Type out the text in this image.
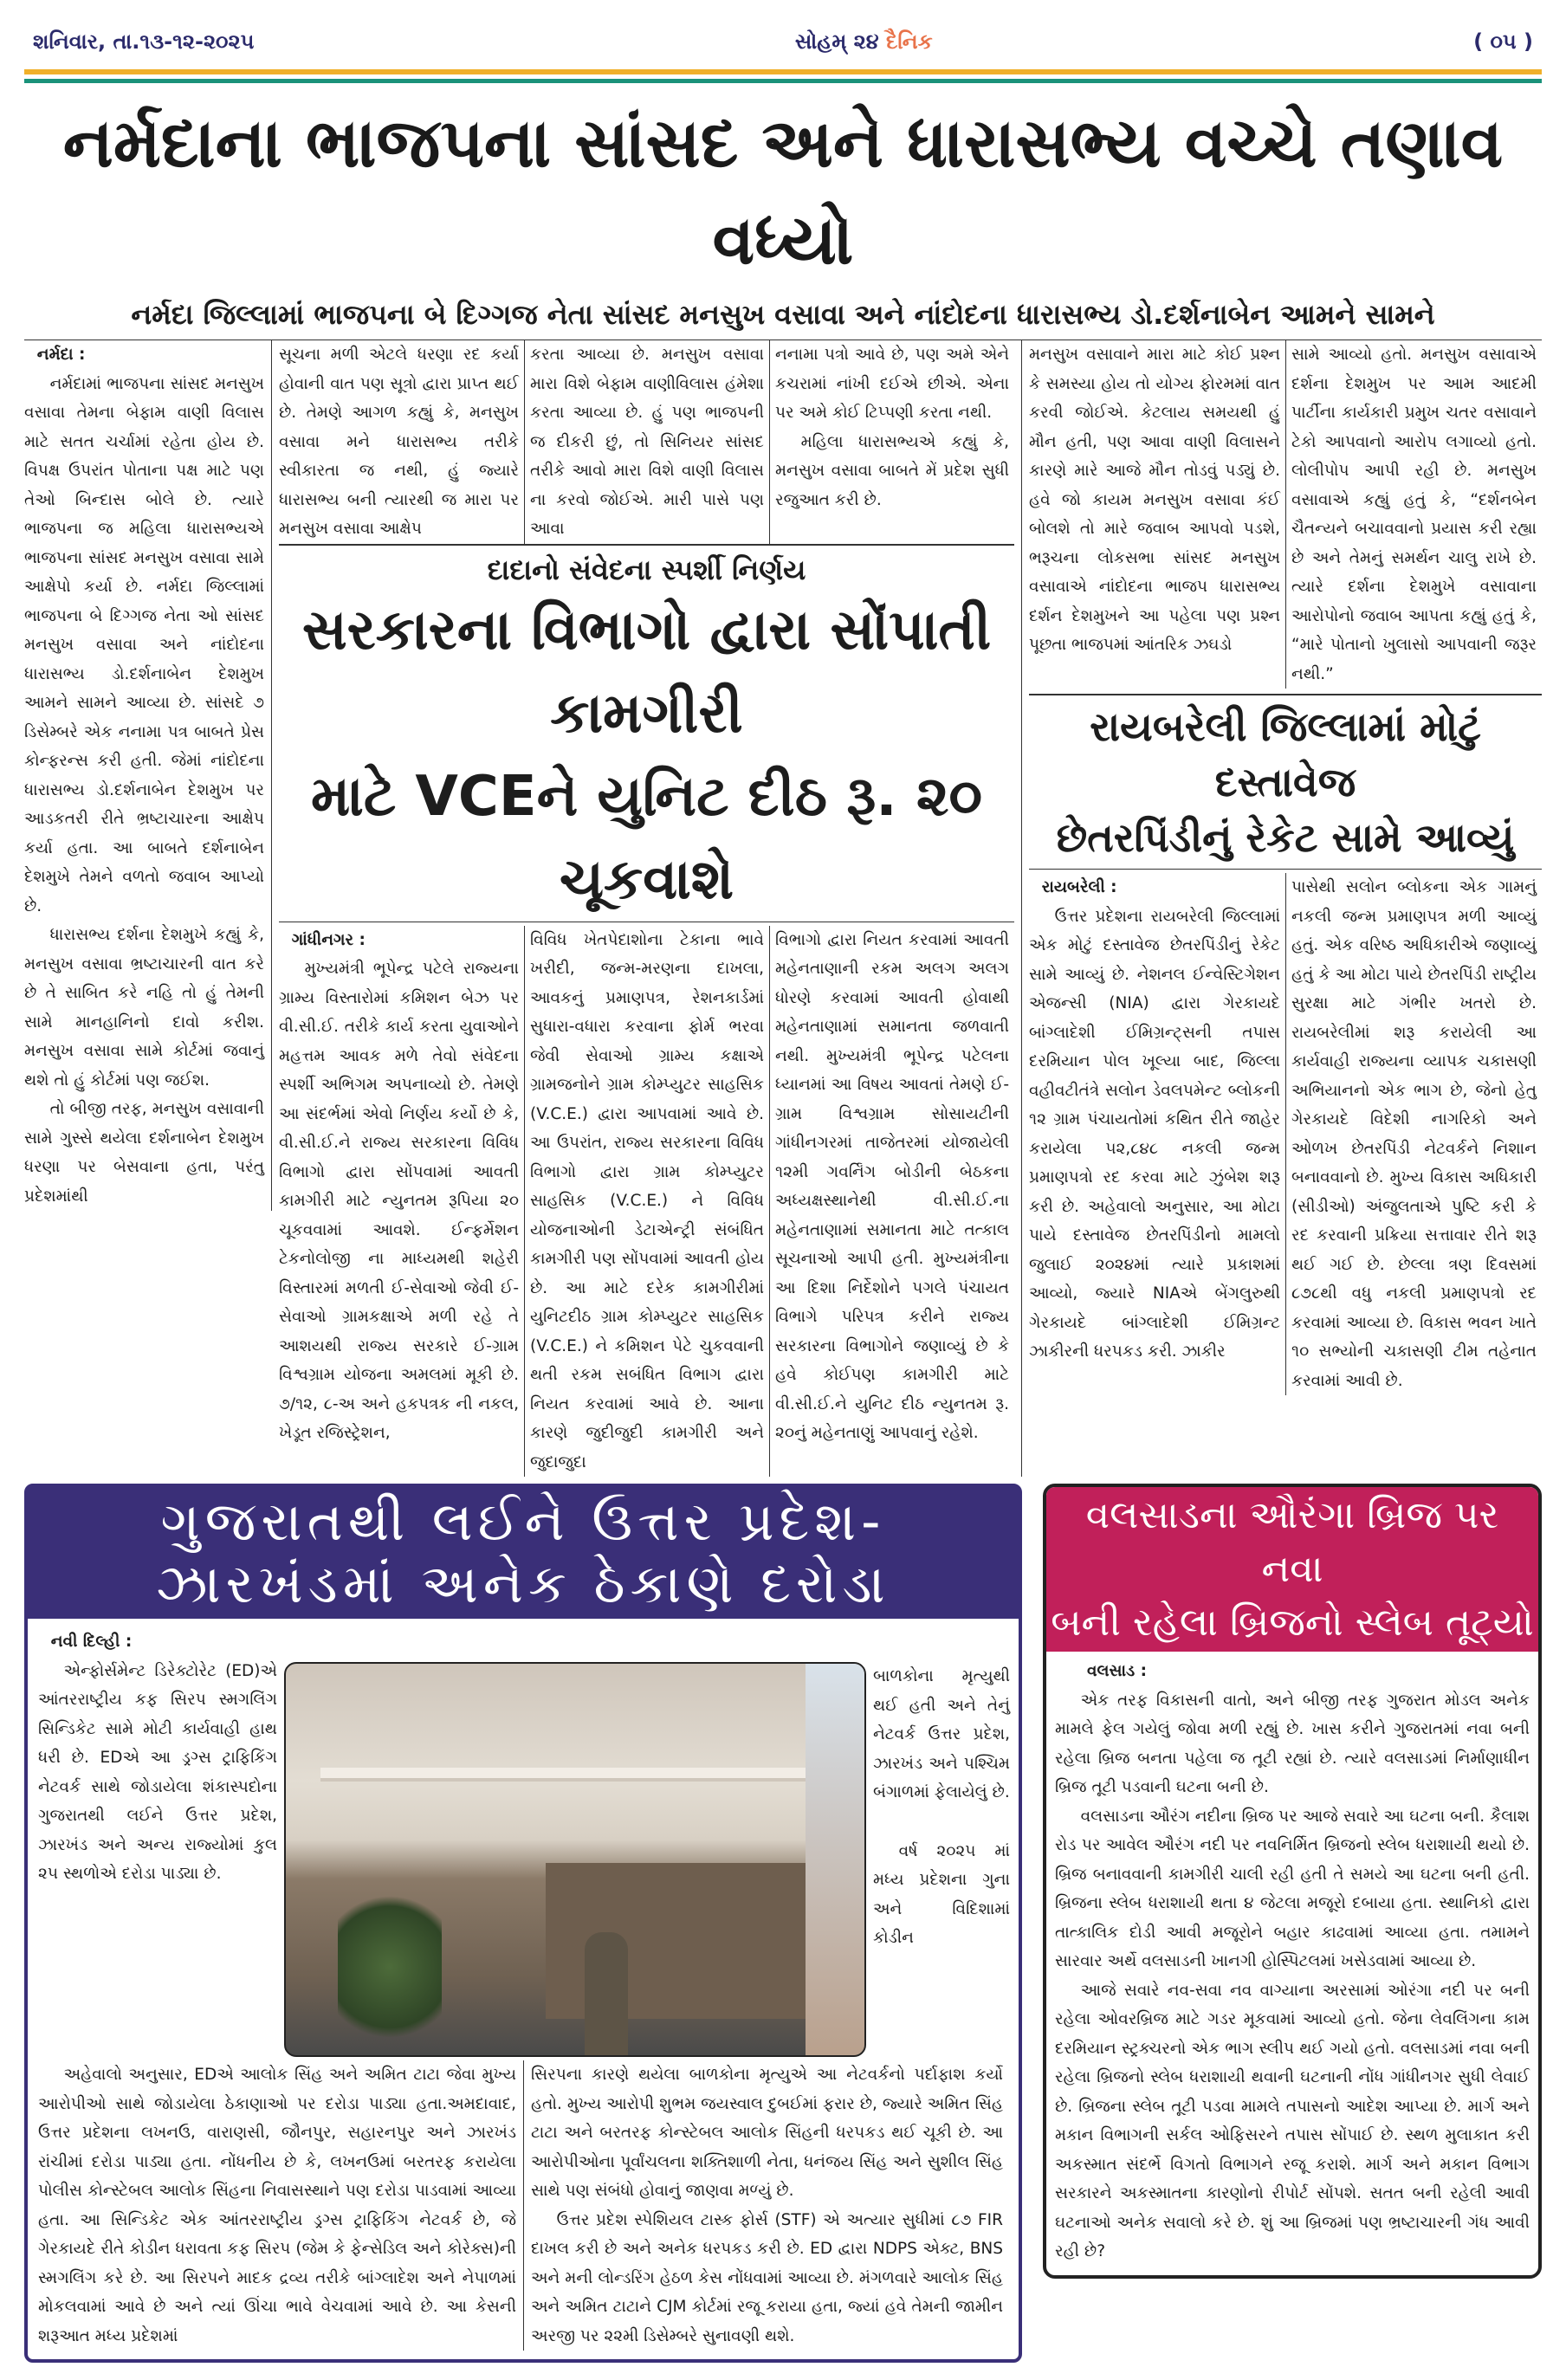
શનિવાર, તા.૧૩-૧૨-૨૦૨૫	સોહમ્ ૨૪ દૈનિક	( ૦૫ )
નર્મદાના ભાજપના સાંસદ અને ધારાસભ્ય વચ્ચે તણાવ વધ્યો
નર્મદા જિલ્લામાં ભાજપના બે દિગ્ગજ નેતા સાંસદ મનસુખ વસાવા અને નાંદોદના ધારાસભ્ય ડો.દર્શનાબેન આમને સામને

નર્મદા :

નર્મદામાં ભાજપના સાંસદ મનસુખ વસાવા તેમના બેફામ વાણી વિલાસ માટે સતત ચર્ચામાં રહેતા હોય છે. વિપક્ષ ઉપરાંત પોતાના પક્ષ માટે પણ તેઓ બિન્દાસ બોલે છે. ત્યારે ભાજપના જ મહિલા ધારાસભ્યએ ભાજપના સાંસદ મનસુખ વસાવા સામે આક્ષેપો કર્યા છે. નર્મદા જિલ્લામાં ભાજપના બે દિગ્ગજ નેતા ઓ સાંસદ મનસુખ વસાવા અને નાંદોદના ધારાસભ્ય ડો.દર્શનાબેન દેશમુખ આમને સામને આવ્યા છે. સાંસદે ૭ ડિસેમ્બરે એક નનામા પત્ર બાબતે પ્રેસ કોન્ફરન્સ કરી હતી. જેમાં નાંદોદના ધારાસભ્ય ડો.દર્શનાબેન દેશમુખ પર આડકતરી રીતે ભ્રષ્ટાચારના આક્ષેપ કર્યા હતા. આ બાબતે દર્શનાબેન દેશમુખે તેમને વળતો જવાબ આપ્યો છે.

ધારાસભ્ય દર્શના દેશમુખે કહ્યું કે, મનસુખ વસાવા ભ્રષ્ટાચારની વાત કરે છે તે સાબિત કરે નહિ તો હું તેમની સામે માનહાનિનો દાવો કરીશ. મનસુખ વસાવા સામે કોર્ટમાં જવાનું થશે તો હું કોર્ટમાં પણ જઈશ.

તો બીજી તરફ, મનસુખ વસાવાની સામે ગુસ્સે થયેલા દર્શનાબેન દેશમુખ ધરણા પર બેસવાના હતા, પરંતુ પ્રદેશમાંથી

સૂચના મળી એટલે ધરણા રદ કર્યા હોવાની વાત પણ સૂત્રો દ્વારા પ્રાપ્ત થઈ છે. તેમણે આગળ કહ્યું કે, મનસુખ વસાવા મને ધારાસભ્ય તરીકે સ્વીકારતા જ નથી, હું જ્યારે ધારાસભ્ય બની ત્યારથી જ મારા પર મનસુખ વસાવા આક્ષેપ

કરતા આવ્યા છે. મનસુખ વસાવા મારા વિશે બેફામ વાણીવિલાસ હંમેશા કરતા આવ્યા છે. હું પણ ભાજપની જ દીકરી છું, તો સિનિયર સાંસદ તરીકે આવો મારા વિશે વાણી વિલાસ ના કરવો જોઈએ. મારી પાસે પણ આવા

નનામા પત્રો આવે છે, પણ અમે એને કચરામાં નાંખી દઈએ છીએ. એના પર અમે કોઈ ટિપ્પણી કરતા નથી.

મહિલા ધારાસભ્યએ કહ્યું કે, મનસુખ વસાવા બાબતે મેં પ્રદેશ સુધી રજુઆત કરી છે.

દાદાનો સંવેદના સ્પર્શી નિર્ણય
સરકારના વિભાગો દ્વારા સોંપાતી કામગીરી
માટે VCEને યુનિટ દીઠ રૂ. ૨૦ ચૂકવાશે

ગાંધીનગર :

મુખ્યમંત્રી ભૂપેન્દ્ર પટેલે રાજ્યના ગ્રામ્ય વિસ્તારોમાં કમિશન બેઝ પર વી.સી.ઈ. તરીકે કાર્ય કરતા યુવાઓને મહત્તમ આવક મળે તેવો સંવેદના સ્પર્શી અભિગમ અપનાવ્યો છે. તેમણે આ સંદર્ભમાં એવો નિર્ણય કર્યો છે કે, વી.સી.ઈ.ને રાજ્ય સરકારના વિવિધ વિભાગો દ્વારા સોંપવામાં આવતી કામગીરી માટે ન્યુનતમ રૂપિયા ૨૦ ચૂકવવામાં આવશે. ઈન્ફર્મેશન ટેકનોલોજી ના માધ્યમથી શહેરી વિસ્તારમાં મળતી ઈ-સેવાઓ જેવી ઈ-સેવાઓ ગ્રામકક્ષાએ મળી રહે તે આશયથી રાજ્ય સરકારે ઈ-ગ્રામ વિશ્વગ્રામ યોજના અમલમાં મૂકી છે. ૭/૧૨, ૮-અ અને હકપત્રક ની નકલ, ખેડૂત રજિસ્ટ્રેશન,

વિવિધ ખેતપેદાશોના ટેકાના ભાવે ખરીદી, જન્મ-મરણના દાખલા, આવકનું પ્રમાણપત્ર, રેશનકાર્ડમાં સુધારા-વધારા કરવાના ફોર્મ ભરવા જેવી સેવાઓ ગ્રામ્ય કક્ષાએ ગ્રામજનોને ગ્રામ કોમ્પ્યુટર સાહસિક (V.C.E.) દ્વારા આપવામાં આવે છે. આ ઉપરાંત, રાજ્ય સરકારના વિવિધ વિભાગો દ્વારા ગ્રામ કોમ્પ્યુટર સાહસિક (V.C.E.) ને વિવિધ યોજનાઓની ડેટાએન્ટ્રી સંબંધિત કામગીરી પણ સોંપવામાં આવતી હોય છે. આ માટે દરેક કામગીરીમાં યુનિટદીઠ ગ્રામ કોમ્પ્યુટર સાહસિક (V.C.E.) ને કમિશન પેટે ચુકવવાની થતી રકમ સબંધિત વિભાગ દ્વારા નિયત કરવામાં આવે છે. આના કારણે જુદીજુદી કામગીરી અને જુદાજુદા

વિભાગો દ્વારા નિયત કરવામાં આવતી મહેનતાણાની રકમ અલગ અલગ ધોરણે કરવામાં આવતી હોવાથી મહેનતાણામાં સમાનતા જળવાતી નથી. મુખ્યમંત્રી ભૂપેન્દ્ર પટેલના ધ્યાનમાં આ વિષય આવતાં તેમણે ઈ-ગ્રામ વિશ્વગ્રામ સોસાયટીની ગાંધીનગરમાં તાજેતરમાં યોજાયેલી ૧૨મી ગવર્નિંગ બોડીની બેઠકના અધ્યક્ષસ્થાનેથી વી.સી.ઈ.ના મહેનતાણામાં સમાનતા માટે તત્કાલ સૂચનાઓ આપી હતી. મુખ્યમંત્રીના આ દિશા નિર્દેશોને પગલે પંચાયત વિભાગે પરિપત્ર કરીને રાજ્ય સરકારના વિભાગોને જણાવ્યું છે કે હવે કોઈપણ કામગીરી માટે વી.સી.ઈ.ને યુનિટ દીઠ ન્યુનતમ રૂ. ૨૦નું મહેનતાણું આપવાનું રહેશે.

મનસુખ વસાવાને મારા માટે કોઈ પ્રશ્ન કે સમસ્યા હોય તો યોગ્ય ફોરમમાં વાત કરવી જોઈએ. કેટલાય સમયથી હું મૌન હતી, પણ આવા વાણી વિલાસને કારણે મારે આજે મૌન તોડવું પડ્યું છે. હવે જો કાયમ મનસુખ વસાવા કંઈ બોલશે તો મારે જવાબ આપવો પડશે, ભરૂચના લોકસભા સાંસદ મનસુખ વસાવાએ નાંદોદના ભાજપ ધારાસભ્ય દર્શન દેશમુખને આ પહેલા પણ પ્રશ્ન પૂછતા ભાજપમાં આંતરિક ઝઘડો

સામે આવ્યો હતો. મનસુખ વસાવાએ દર્શના દેશમુખ પર આમ આદમી પાર્ટીના કાર્યકારી પ્રમુખ ચતર વસાવાને ટેકો આપવાનો આરોપ લગાવ્યો હતો. લોલીપોપ આપી રહી છે. મનસુખ વસાવાએ કહ્યું હતું કે, “દર્શનબેન ચૈતન્યને બચાવવાનો પ્રયાસ કરી રહ્યા છે અને તેમનું સમર્થન ચાલુ રાખે છે. ત્યારે દર્શના દેશમુખે વસાવાના આરોપોનો જવાબ આપતા કહ્યું હતું કે, “મારે પોતાનો ખુલાસો આપવાની જરૂર નથી.”

રાયબરેલી જિલ્લામાં મોટું દસ્તાવેજ
છેતરપિંડીનું રેકેટ સામે આવ્યું

રાયબરેલી :

ઉત્તર પ્રદેશના રાયબરેલી જિલ્લામાં એક મોટું દસ્તાવેજ છેતરપિંડીનું રેકેટ સામે આવ્યું છે. નેશનલ ઈન્વેસ્ટિગેશન એજન્સી (NIA) દ્વારા ગેરકાયદે બાંગ્લાદેશી ઈમિગ્રન્ટ્સની તપાસ દરમિયાન પોલ ખૂલ્યા બાદ, જિલ્લા વહીવટીતંત્રે સલોન ડેવલપમેન્ટ બ્લોકની ૧૨ ગ્રામ પંચાયતોમાં કથિત રીતે જાહેર કરાયેલા ૫૨,૮૪૮ નકલી જન્મ પ્રમાણપત્રો રદ કરવા માટે ઝુંબેશ શરૂ કરી છે. અહેવાલો અનુસાર, આ મોટા પાયે દસ્તાવેજ છેતરપિંડીનો મામલો જુલાઈ ૨૦૨૪માં ત્યારે પ્રકાશમાં આવ્યો, જ્યારે NIAએ બેંગલુરુથી ગેરકાયદે બાંગ્લાદેશી ઈમિગ્રન્ટ ઝાકીરની ધરપકડ કરી. ઝાકીર

પાસેથી સલોન બ્લોકના એક ગામનું નકલી જન્મ પ્રમાણપત્ર મળી આવ્યું હતું. એક વરિષ્ઠ અધિકારીએ જણાવ્યું હતું કે આ મોટા પાયે છેતરપિંડી રાષ્ટ્રીય સુરક્ષા માટે ગંભીર ખતરો છે. રાયબરેલીમાં શરૂ કરાયેલી આ કાર્યવાહી રાજ્યના વ્યાપક ચકાસણી અભિયાનનો એક ભાગ છે, જેનો હેતુ ગેરકાયદે વિદેશી નાગરિકો અને ઓળખ છેતરપિંડી નેટવર્કને નિશાન બનાવવાનો છે. મુખ્ય વિકાસ અધિકારી (સીડીઓ) અંજુલતાએ પુષ્ટિ કરી કે રદ કરવાની પ્રક્રિયા સત્તાવાર રીતે શરૂ થઈ ગઈ છે. છેલ્લા ત્રણ દિવસમાં ૮૭૮થી વધુ નકલી પ્રમાણપત્રો રદ કરવામાં આવ્યા છે. વિકાસ ભવન ખાતે ૧૦ સભ્યોની ચકાસણી ટીમ તહેનાત કરવામાં આવી છે.

ગુજરાતથી લઈને ઉત્તર પ્રદેશ-
ઝારખંડમાં અનેક ઠેકાણે દરોડા

નવી દિલ્હી :

એન્ફોર્સમેન્ટ ડિરેક્ટોરેટ (ED)એ આંતરરાષ્ટ્રીય કફ સિરપ સ્મગલિંગ સિન્ડિકેટ સામે મોટી કાર્યવાહી હાથ ધરી છે. EDએ આ ડ્રગ્સ ટ્રાફિકિંગ નેટવર્ક સાથે જોડાયેલા શંકાસ્પદોના ગુજરાતથી લઈને ઉત્તર પ્રદેશ, ઝારખંડ અને અન્ય રાજ્યોમાં કુલ ૨૫ સ્થળોએ દરોડા પાડ્યા છે.

બાળકોના મૃત્યુથી થઈ હતી અને તેનું નેટવર્ક ઉત્તર પ્રદેશ, ઝારખંડ અને પશ્ચિમ બંગાળમાં ફેલાયેલું છે.

વર્ષ ૨૦૨૫ માં મધ્ય પ્રદેશના ગુના અને વિદિશામાં કોડીન

અહેવાલો અનુસાર, EDએ આલોક સિંહ અને અમિત ટાટા જેવા મુખ્ય આરોપીઓ સાથે જોડાયેલા ઠેકાણાઓ પર દરોડા પાડ્યા હતા.અમદાવાદ, ઉત્તર પ્રદેશના લખનઉ, વારાણસી, જૌનપુર, સહારનપુર અને ઝારખંડ રાંચીમાં દરોડા પાડ્યા હતા. નોંધનીય છે કે, લખનઉમાં બરતરફ કરાયેલા પોલીસ કોન્સ્ટેબલ આલોક સિંહના નિવાસસ્થાને પણ દરોડા પાડવામાં આવ્યા હતા. આ સિન્ડિકેટ એક આંતરરાષ્ટ્રીય ડ્રગ્સ ટ્રાફિકિંગ નેટવર્ક છે, જે ગેરકાયદે રીતે કોડીન ધરાવતા કફ સિરપ (જેમ કે ફેન્સેડિલ અને કોરેક્સ)ની સ્મગલિંગ કરે છે. આ સિરપને માદક દ્રવ્ય તરીકે બાંગ્લાદેશ અને નેપાળમાં મોકલવામાં આવે છે અને ત્યાં ઊંચા ભાવે વેચવામાં આવે છે. આ કેસની શરૂઆત મધ્ય પ્રદેશમાં

સિરપના કારણે થયેલા બાળકોના મૃત્યુએ આ નેટવર્કનો પર્દાફાશ કર્યો હતો. મુખ્ય આરોપી શુભમ જયસ્વાલ દુબઈમાં ફરાર છે, જ્યારે અમિત સિંહ ટાટા અને બરતરફ કોન્સ્ટેબલ આલોક સિંહની ધરપકડ થઈ ચૂકી છે. આ આરોપીઓના પૂર્વાંચલના શક્તિશાળી નેતા, ધનંજય સિંહ અને સુશીલ સિંહ સાથે પણ સંબંધો હોવાનું જાણવા મળ્યું છે.

ઉત્તર પ્રદેશ સ્પેશિયલ ટાસ્ક ફોર્સ (STF) એ અત્યાર સુધીમાં ૮૭ FIR દાખલ કરી છે અને અનેક ધરપકડ કરી છે. ED દ્વારા NDPS એક્ટ, BNS અને મની લોન્ડરિંગ હેઠળ કેસ નોંધવામાં આવ્યા છે. મંગળવારે આલોક સિંહ અને અમિત ટાટાને CJM કોર્ટમાં રજૂ કરાયા હતા, જ્યાં હવે તેમની જામીન અરજી પર ૨૨મી ડિસેમ્બરે સુનાવણી થશે.

વલસાડના ઔરંગા બ્રિજ પર નવા
બની રહેલા બ્રિજનો સ્લેબ તૂટ્યો

વલસાડ :

એક તરફ વિકાસની વાતો, અને બીજી તરફ ગુજરાત મોડલ અનેક મામલે ફેલ ગયેલું જોવા મળી રહ્યું છે. ખાસ કરીને ગુજરાતમાં નવા બની રહેલા બ્રિજ બનતા પહેલા જ તૂટી રહ્યાં છે. ત્યારે વલસાડમાં નિર્માણાધીન બ્રિજ તૂટી પડવાની ઘટના બની છે.

વલસાડના ઔરંગ નદીના બ્રિજ પર આજે સવારે આ ઘટના બની. કૈલાશ રોડ પર આવેલ ઔરંગ નદી પર નવનિર્મિત બ્રિજનો સ્લેબ ધરાશાયી થયો છે. બ્રિજ બનાવવાની કામગીરી ચાલી રહી હતી તે સમયે આ ઘટના બની હતી. બ્રિજના સ્લેબ ધરાશાયી થતા ૪ જેટલા મજૂરો દબાયા હતા. સ્થાનિકો દ્વારા તાત્કાલિક દોડી આવી મજૂરોને બહાર કાઢવામાં આવ્યા હતા. તમામને સારવાર અર્થે વલસાડની ખાનગી હોસ્પિટલમાં ખસેડવામાં આવ્યા છે.

આજે સવારે નવ-સવા નવ વાગ્યાના અરસામાં ઓરંગા નદી પર બની રહેલા ઓવરબ્રિજ માટે ગડર મૂકવામાં આવ્યો હતો. જેના લેવલિંગના કામ દરમિયાન સ્ટ્રક્ચરનો એક ભાગ સ્લીપ થઈ ગયો હતો. વલસાડમાં નવા બની રહેલા બ્રિજનો સ્લેબ ધરાશાયી થવાની ઘટનાની નોંધ ગાંધીનગર સુધી લેવાઈ છે. બ્રિજના સ્લેબ તૂટી પડવા મામલે તપાસનો આદેશ આપ્યા છે. માર્ગ અને મકાન વિભાગની સર્કલ ઓફિસરને તપાસ સોંપાઈ છે. સ્થળ મુલાકાત કરી અકસ્માત સંદર્ભે વિગતો વિભાગને રજૂ કરાશે. માર્ગ અને મકાન વિભાગ સરકારને અકસ્માતના કારણોનો રીપોર્ટ સોંપશે. સતત બની રહેલી આવી ઘટનાઓ અનેક સવાલો કરે છે. શું આ બ્રિજમાં પણ ભ્રષ્ટાચારની ગંધ આવી રહી છે?
